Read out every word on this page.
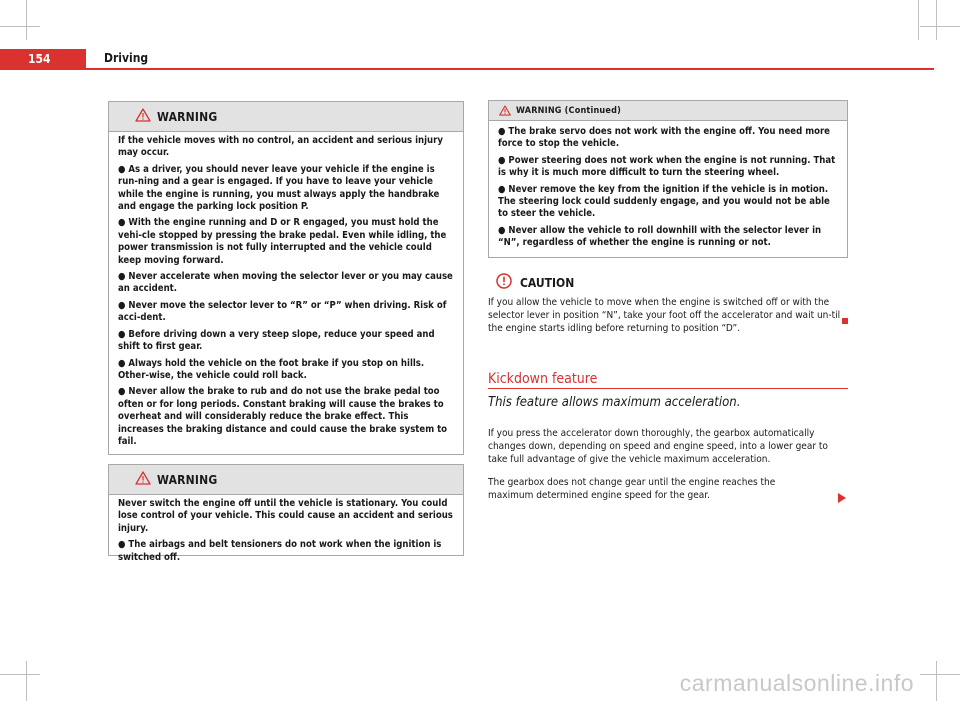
154	Driving
WARNING

If the vehicle moves with no control, an accident and serious injury may occur.

● As a driver, you should never leave your vehicle if the engine is run-ning and a gear is engaged. If you have to leave your vehicle while the engine is running, you must always apply the handbrake and engage the parking lock position P.

● With the engine running and D or R engaged, you must hold the vehi-cle stopped by pressing the brake pedal. Even while idling, the power transmission is not fully interrupted and the vehicle could keep moving forward.

● Never accelerate when moving the selector lever or you may cause an accident.

● Never move the selector lever to “R” or “P” when driving. Risk of acci-dent.

● Before driving down a very steep slope, reduce your speed and shift to first gear.

● Always hold the vehicle on the foot brake if you stop on hills. Other-wise, the vehicle could roll back.

● Never allow the brake to rub and do not use the brake pedal too often or for long periods. Constant braking will cause the brakes to overheat and will considerably reduce the brake effect. This increases the braking distance and could cause the brake system to fail.

WARNING

Never switch the engine off until the vehicle is stationary. You could lose control of your vehicle. This could cause an accident and serious injury.

● The airbags and belt tensioners do not work when the ignition is switched off.

WARNING (Continued)

● The brake servo does not work with the engine off. You need more force to stop the vehicle.

● Power steering does not work when the engine is not running. That is why it is much more difficult to turn the steering wheel.

● Never remove the key from the ignition if the vehicle is in motion. The steering lock could suddenly engage, and you would not be able to steer the vehicle.

● Never allow the vehicle to roll downhill with the selector lever in “N”, regardless of whether the engine is running or not.

CAUTION
If you allow the vehicle to move when the engine is switched off or with the selector lever in position “N”, take your foot off the accelerator and wait un-til the engine starts idling before returning to position “D”.
Kickdown feature
This feature allows maximum acceleration.
If you press the accelerator down thoroughly, the gearbox automatically changes down, depending on speed and engine speed, into a lower gear to take full advantage of give the vehicle maximum acceleration.
The gearbox does not change gear until the engine reaches the maximum determined engine speed for the gear.
carmanualsonline.info
